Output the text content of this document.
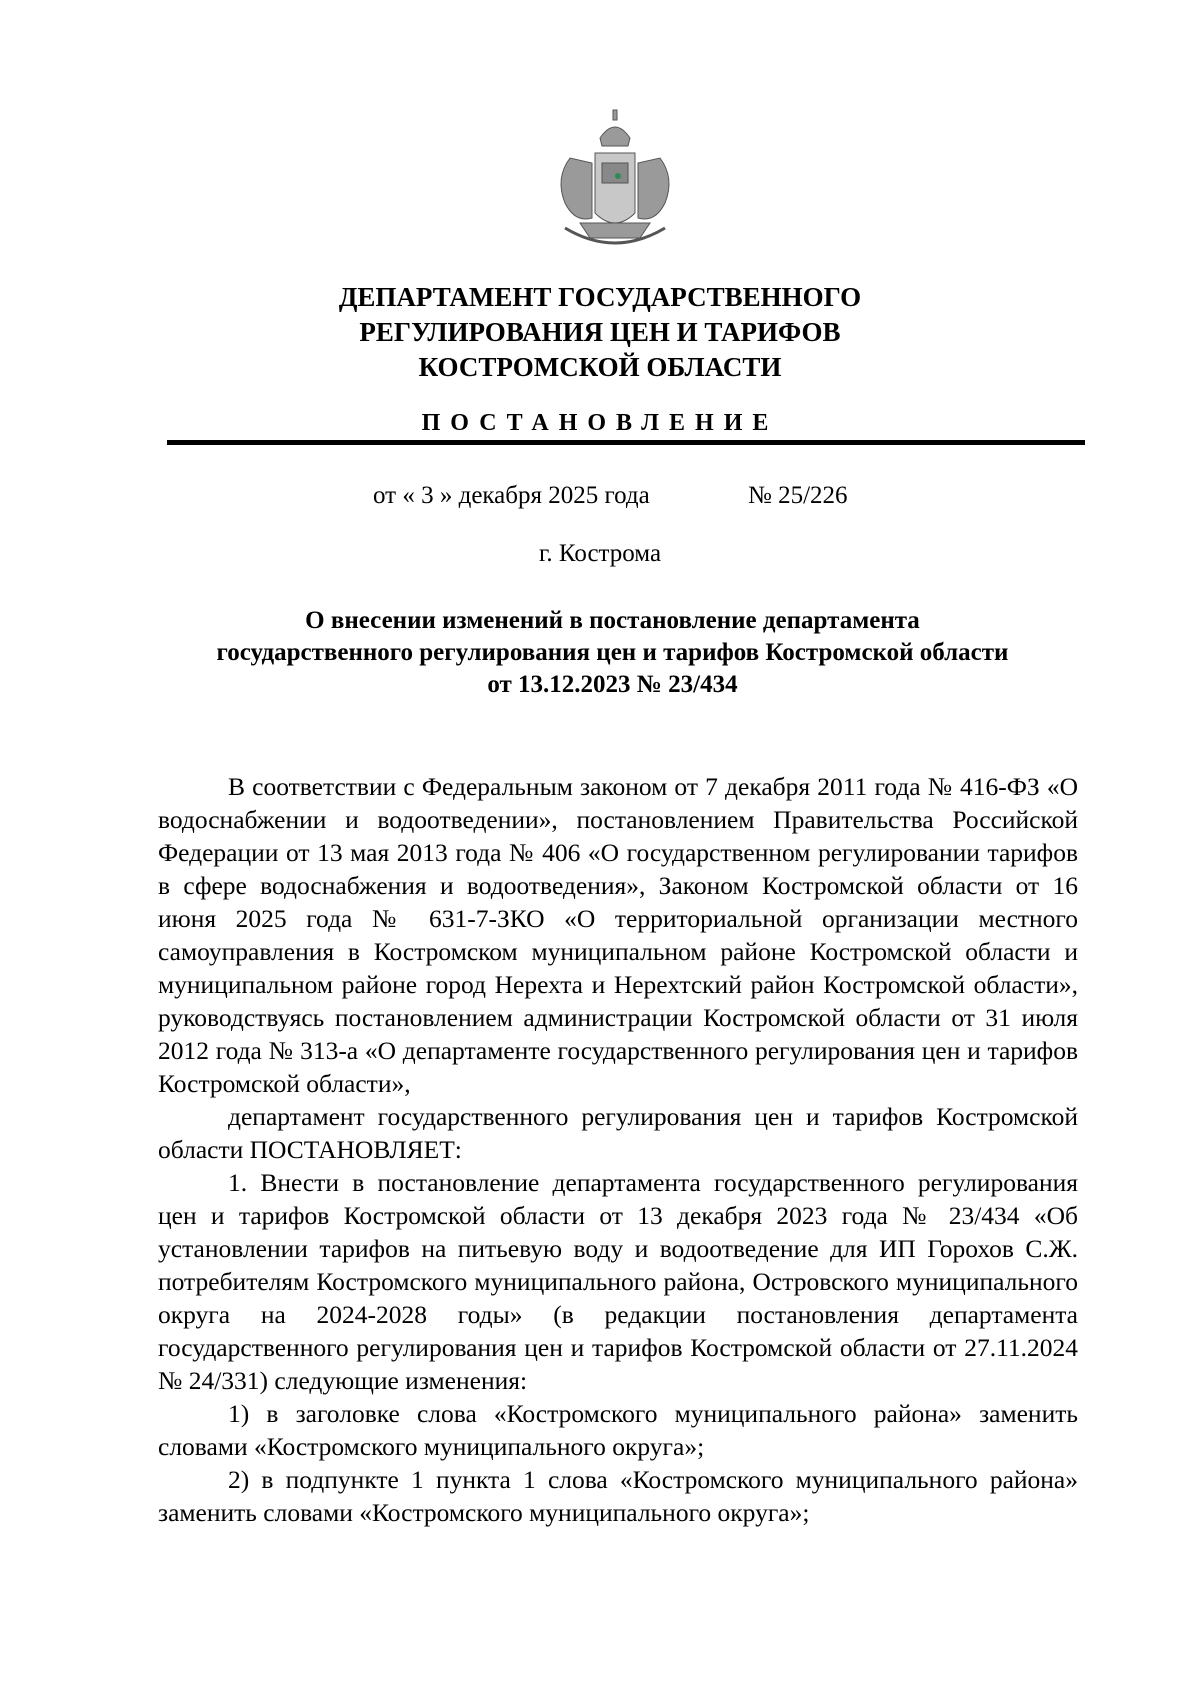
ДЕПАРТАМЕНТ ГОСУДАРСТВЕННОГО
РЕГУЛИРОВАНИЯ ЦЕН И ТАРИФОВ
КОСТРОМСКОЙ ОБЛАСТИ
ПОСТАНОВЛЕНИЕ
от « 3 » декабря 2025 года	№ 25/226
г. Кострома
О внесении изменений в постановление департамента
государственного регулирования цен и тарифов Костромской области
от 13.12.2023 № 23/434

В соответствии с Федеральным законом от 7 декабря 2011 года № 416-ФЗ «О водоснабжении и водоотведении», постановлением Правительства Российской Федерации от 13 мая 2013 года № 406 «О государственном регулировании тарифов в сфере водоснабжения и водоотведения», Законом Костромской области от 16 июня 2025 года № 631-7-ЗКО «О территориальной организации местного самоуправления в Костромском муниципальном районе Костромской области и муниципальном районе город Нерехта и Нерехтский район Костромской области», руководствуясь постановлением администрации Костромской области от 31 июля 2012 года № 313-а «О департаменте государственного регулирования цен и тарифов Костромской области»,

департамент государственного регулирования цен и тарифов Костромской области ПОСТАНОВЛЯЕТ:

1. Внести в постановление департамента государственного регулирования цен и тарифов Костромской области от 13 декабря 2023 года № 23/434 «Об установлении тарифов на питьевую воду и водоотведение для ИП Горохов С.Ж. потребителям Костромского муниципального района, Островского муниципального округа на 2024-2028 годы» (в редакции постановления департамента государственного регулирования цен и тарифов Костромской области от 27.11.2024 № 24/331) следующие изменения:

1) в заголовке слова «Костромского муниципального района» заменить словами «Костромского муниципального округа»;

2) в подпункте 1 пункта 1 слова «Костромского муниципального района» заменить словами «Костромского муниципального округа»;
